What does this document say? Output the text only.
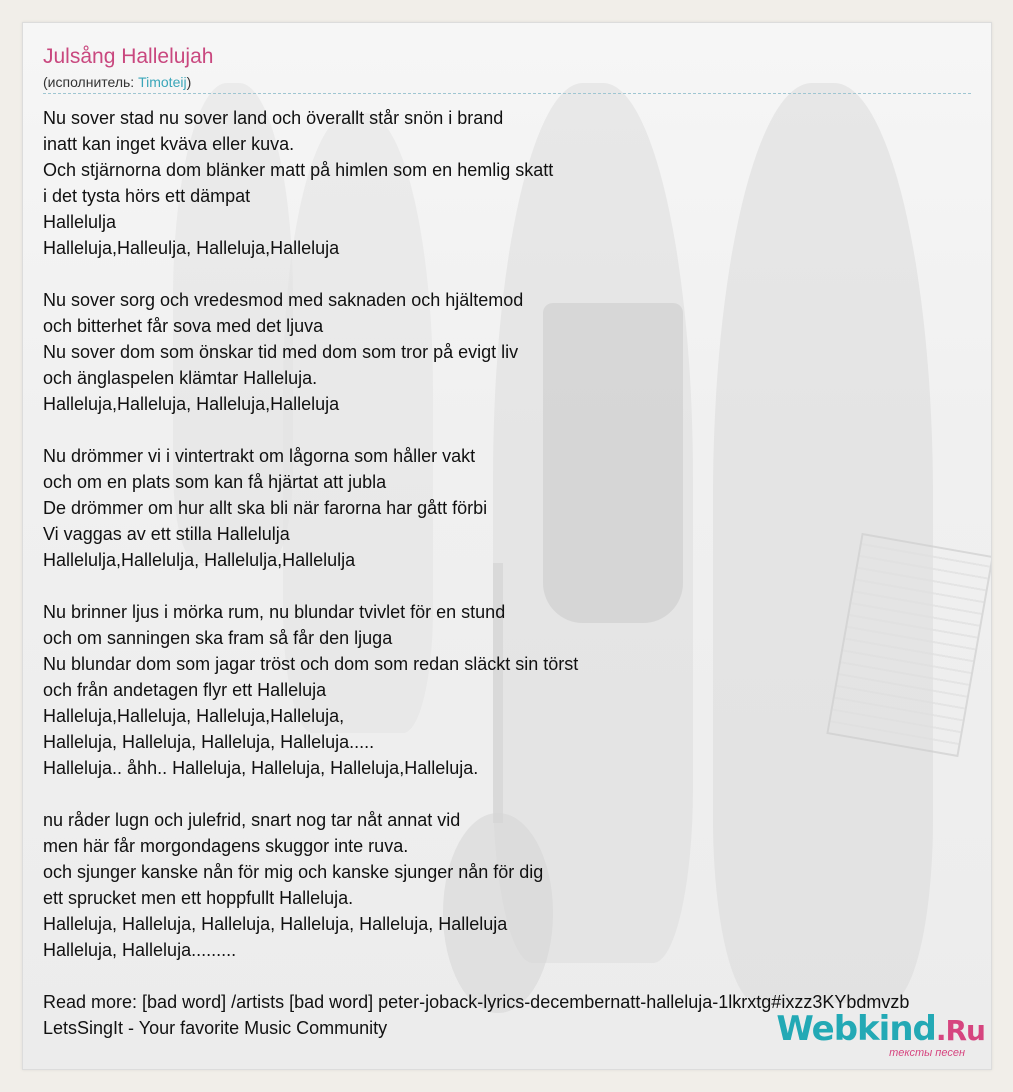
Julsång Hallelujah
(исполнитель: Timoteij)
Nu sover stad nu sover land och överallt står snön i brand
inatt kan inget kväva eller kuva.
Och stjärnorna dom blänker matt på himlen som en hemlig skatt
i det tysta hörs ett dämpat
Hallelulja
Halleluja,Halleulja, Halleluja,Halleluja

Nu sover sorg och vredesmod med saknaden och hjältemod
och bitterhet får sova med det ljuva
Nu sover dom som önskar tid med dom som tror på evigt liv
och änglaspelen klämtar Halleluja.
Halleluja,Halleluja, Halleluja,Halleluja

Nu drömmer vi i vintertrakt om lågorna som håller vakt
och om en plats som kan få hjärtat att jubla
De drömmer om hur allt ska bli när farorna har gått förbi
Vi vaggas av ett stilla Hallelulja
Hallelulja,Hallelulja, Hallelulja,Hallelulja

Nu brinner ljus i mörka rum, nu blundar tvivlet för en stund
och om sanningen ska fram så får den ljuga
Nu blundar dom som jagar tröst och dom som redan släckt sin törst
och från andetagen flyr ett Halleluja
Halleluja,Halleluja, Halleluja,Halleluja,
Halleluja, Halleluja, Halleluja, Halleluja.....
Halleluja.. åhh.. Halleluja, Halleluja, Halleluja,Halleluja.

nu råder lugn och julefrid, snart nog tar nåt annat vid
men här får morgondagens skuggor inte ruva.
och sjunger kanske nån för mig och kanske sjunger nån för dig
ett sprucket men ett hoppfullt Halleluja.
Halleluja, Halleluja, Halleluja, Halleluja, Halleluja, Halleluja
Halleluja, Halleluja.........

Read more: [bad word] /artists [bad word] peter-joback-lyrics-decembernatt-halleluja-1lkrxtg#ixzz3KYbdmvzb
LetsSingIt - Your favorite Music Community	Webkind.Ru
тексты песен
